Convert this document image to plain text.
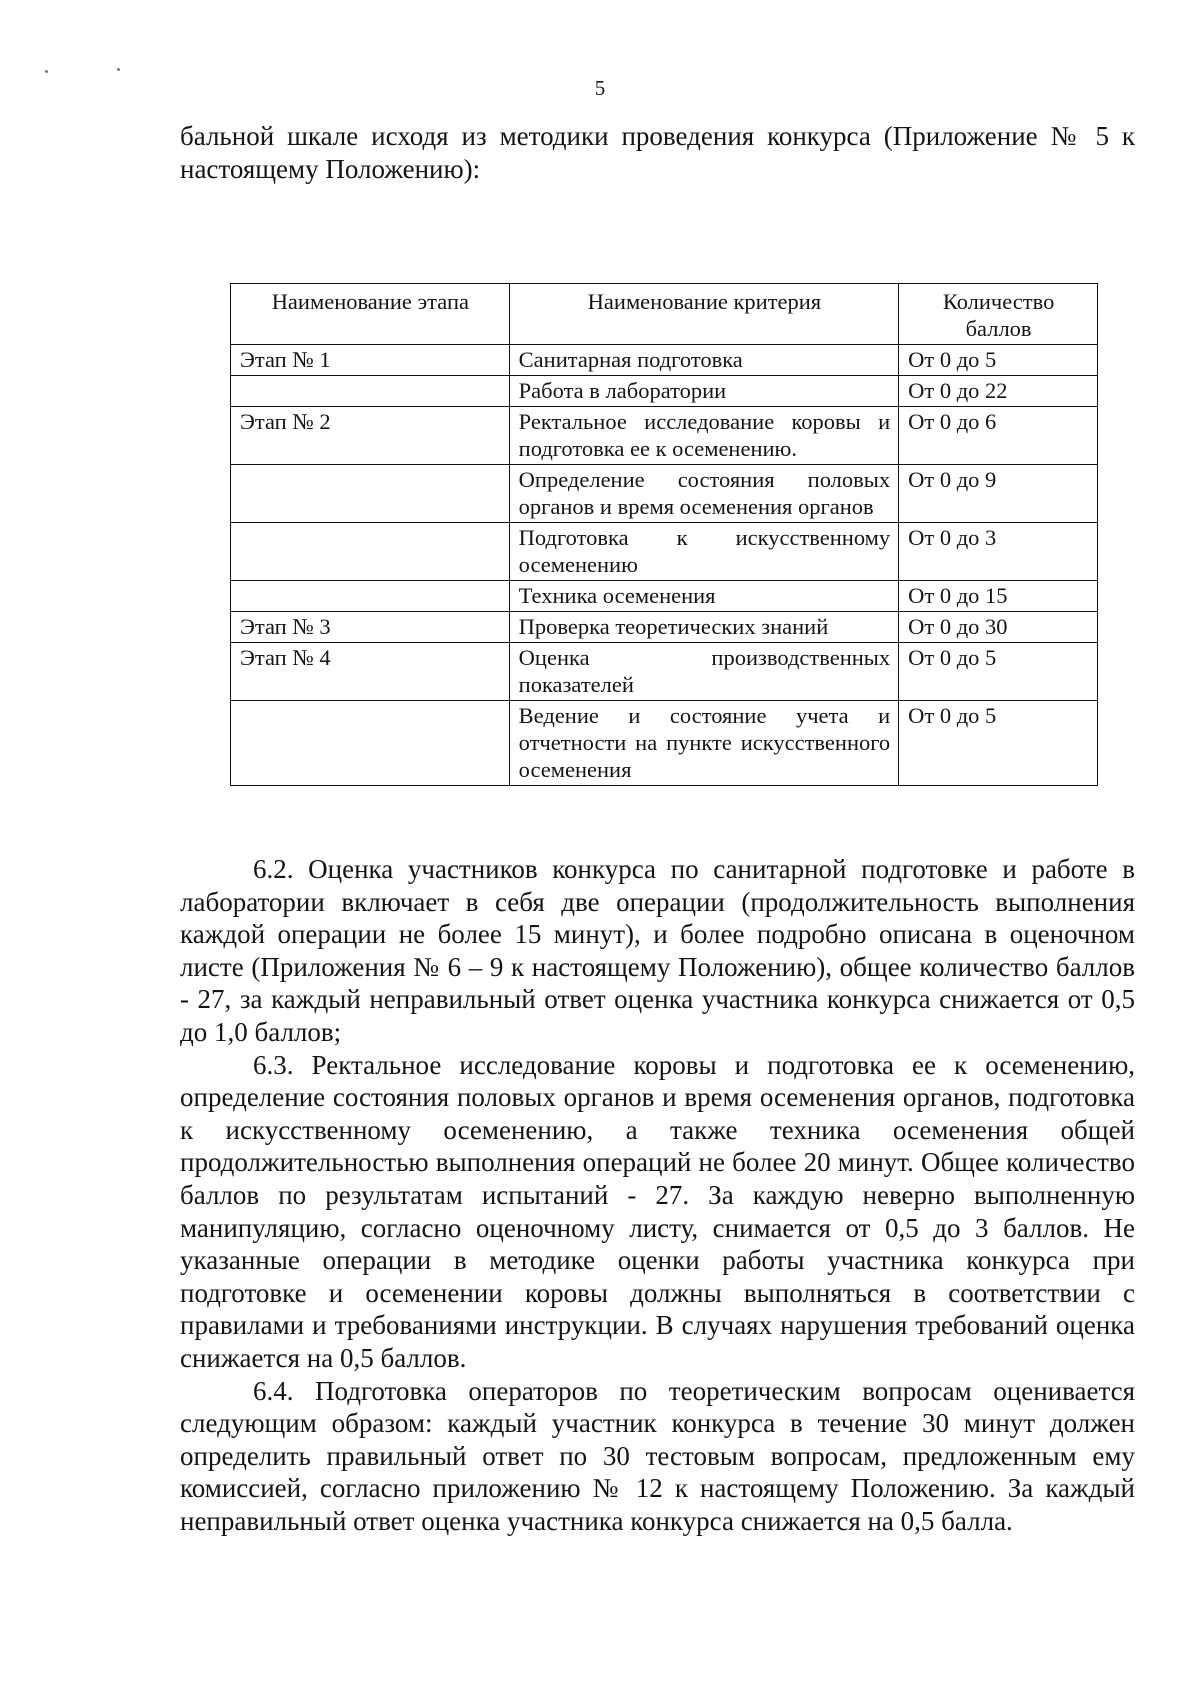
5

бальной шкале исходя из методики проведения конкурса (Приложение № 5 к настоящему Положению):

Наименование этапа	Наименование критерия	Количество баллов
Этап № 1	Санитарная подготовка	От 0 до 5
	Работа в лаборатории	От 0 до 22
Этап № 2	Ректальное исследование коровы и подготовка ее к осеменению.	От 0 до 6
	Определение состояния половых органов и время осеменения органов	От 0 до 9
	Подготовка к искусственному осеменению	От 0 до 3
	Техника осеменения	От 0 до 15
Этап № 3	Проверка теоретических знаний	От 0 до 30
Этап № 4	Оценка производственных показателей	От 0 до 5
	Ведение и состояние учета и отчетности на пункте искусственного осеменения	От 0 до 5

6.2. Оценка участников конкурса по санитарной подготовке и работе в лаборатории включает в себя две операции (продолжительность выполнения каждой операции не более 15 минут), и более подробно описана в оценочном листе (Приложения № 6 – 9 к настоящему Положению), общее количество баллов - 27, за каждый неправильный ответ оценка участника конкурса снижается от 0,5 до 1,0 баллов;

6.3. Ректальное исследование коровы и подготовка ее к осеменению, определение состояния половых органов и время осеменения органов, подготовка к искусственному осеменению, а также техника осеменения общей продолжительностью выполнения операций не более 20 минут. Общее количество баллов по результатам испытаний - 27. За каждую неверно выполненную манипуляцию, согласно оценочному листу, снимается от 0,5 до 3 баллов. Не указанные операции в методике оценки работы участника конкурса при подготовке и осеменении коровы должны выполняться в соответствии с правилами и требованиями инструкции. В случаях нарушения требований оценка снижается на 0,5 баллов.

6.4. Подготовка операторов по теоретическим вопросам оценивается следующим образом: каждый участник конкурса в течение 30 минут должен определить правильный ответ по 30 тестовым вопросам, предложенным ему комиссией, согласно приложению № 12 к настоящему Положению. За каждый неправильный ответ оценка участника конкурса снижается на 0,5 балла.
